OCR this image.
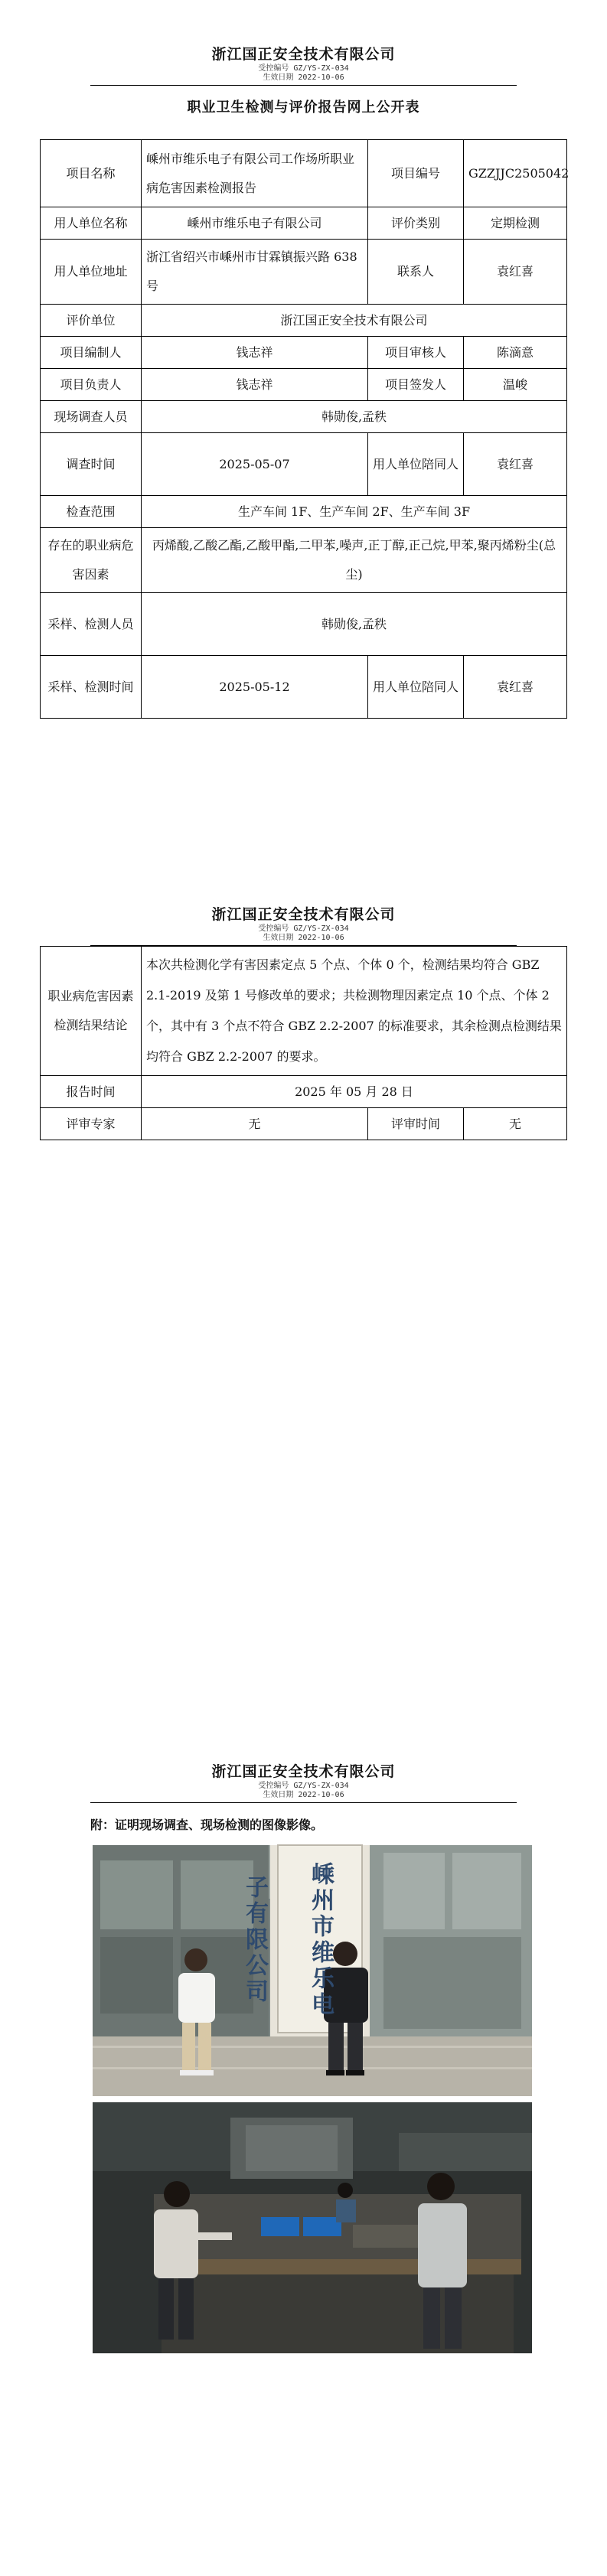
浙江国正安全技术有限公司
受控编号 GZ/YS-ZX-034
生效日期 2022-10-06
职业卫生检测与评价报告网上公开表
项目名称	嵊州市维乐电子有限公司工作场所职业病危害因素检测报告	项目编号	GZZJJC2505042
用人单位名称	嵊州市维乐电子有限公司	评价类别	定期检测
用人单位地址	浙江省绍兴市嵊州市甘霖镇振兴路 638 号	联系人	袁红喜
评价单位	浙江国正安全技术有限公司		
项目编制人	钱志祥	项目审核人	陈滴意
项目负责人	钱志祥	项目签发人	温峻
现场调查人员	韩勋俊,孟秩		
调查时间	2025-05-07	用人单位陪同人	袁红喜
检查范围	生产车间 1F、生产车间 2F、生产车间 3F		
存在的职业病危害因素	丙烯酸,乙酸乙酯,乙酸甲酯,二甲苯,噪声,正丁醇,正己烷,甲苯,聚丙烯粉尘(总尘)		
采样、检测人员	韩勋俊,孟秩		
采样、检测时间	2025-05-12	用人单位陪同人	袁红喜
浙江国正安全技术有限公司
受控编号 GZ/YS-ZX-034
生效日期 2022-10-06
职业病危害因素检测结果结论	本次共检测化学有害因素定点 5 个点、个体 0 个，检测结果均符合 GBZ 2.1-2019 及第 1 号修改单的要求；共检测物理因素定点 10 个点、个体 2 个，其中有 3 个点不符合 GBZ 2.2-2007 的标准要求，其余检测点检测结果均符合 GBZ 2.2-2007 的要求。		
报告时间	2025 年 05 月 28 日		
评审专家	无	评审时间	无
浙江国正安全技术有限公司
受控编号 GZ/YS-ZX-034
生效日期 2022-10-06
附：证明现场调查、现场检测的图像影像。
嵊州市维乐电子有限公司
